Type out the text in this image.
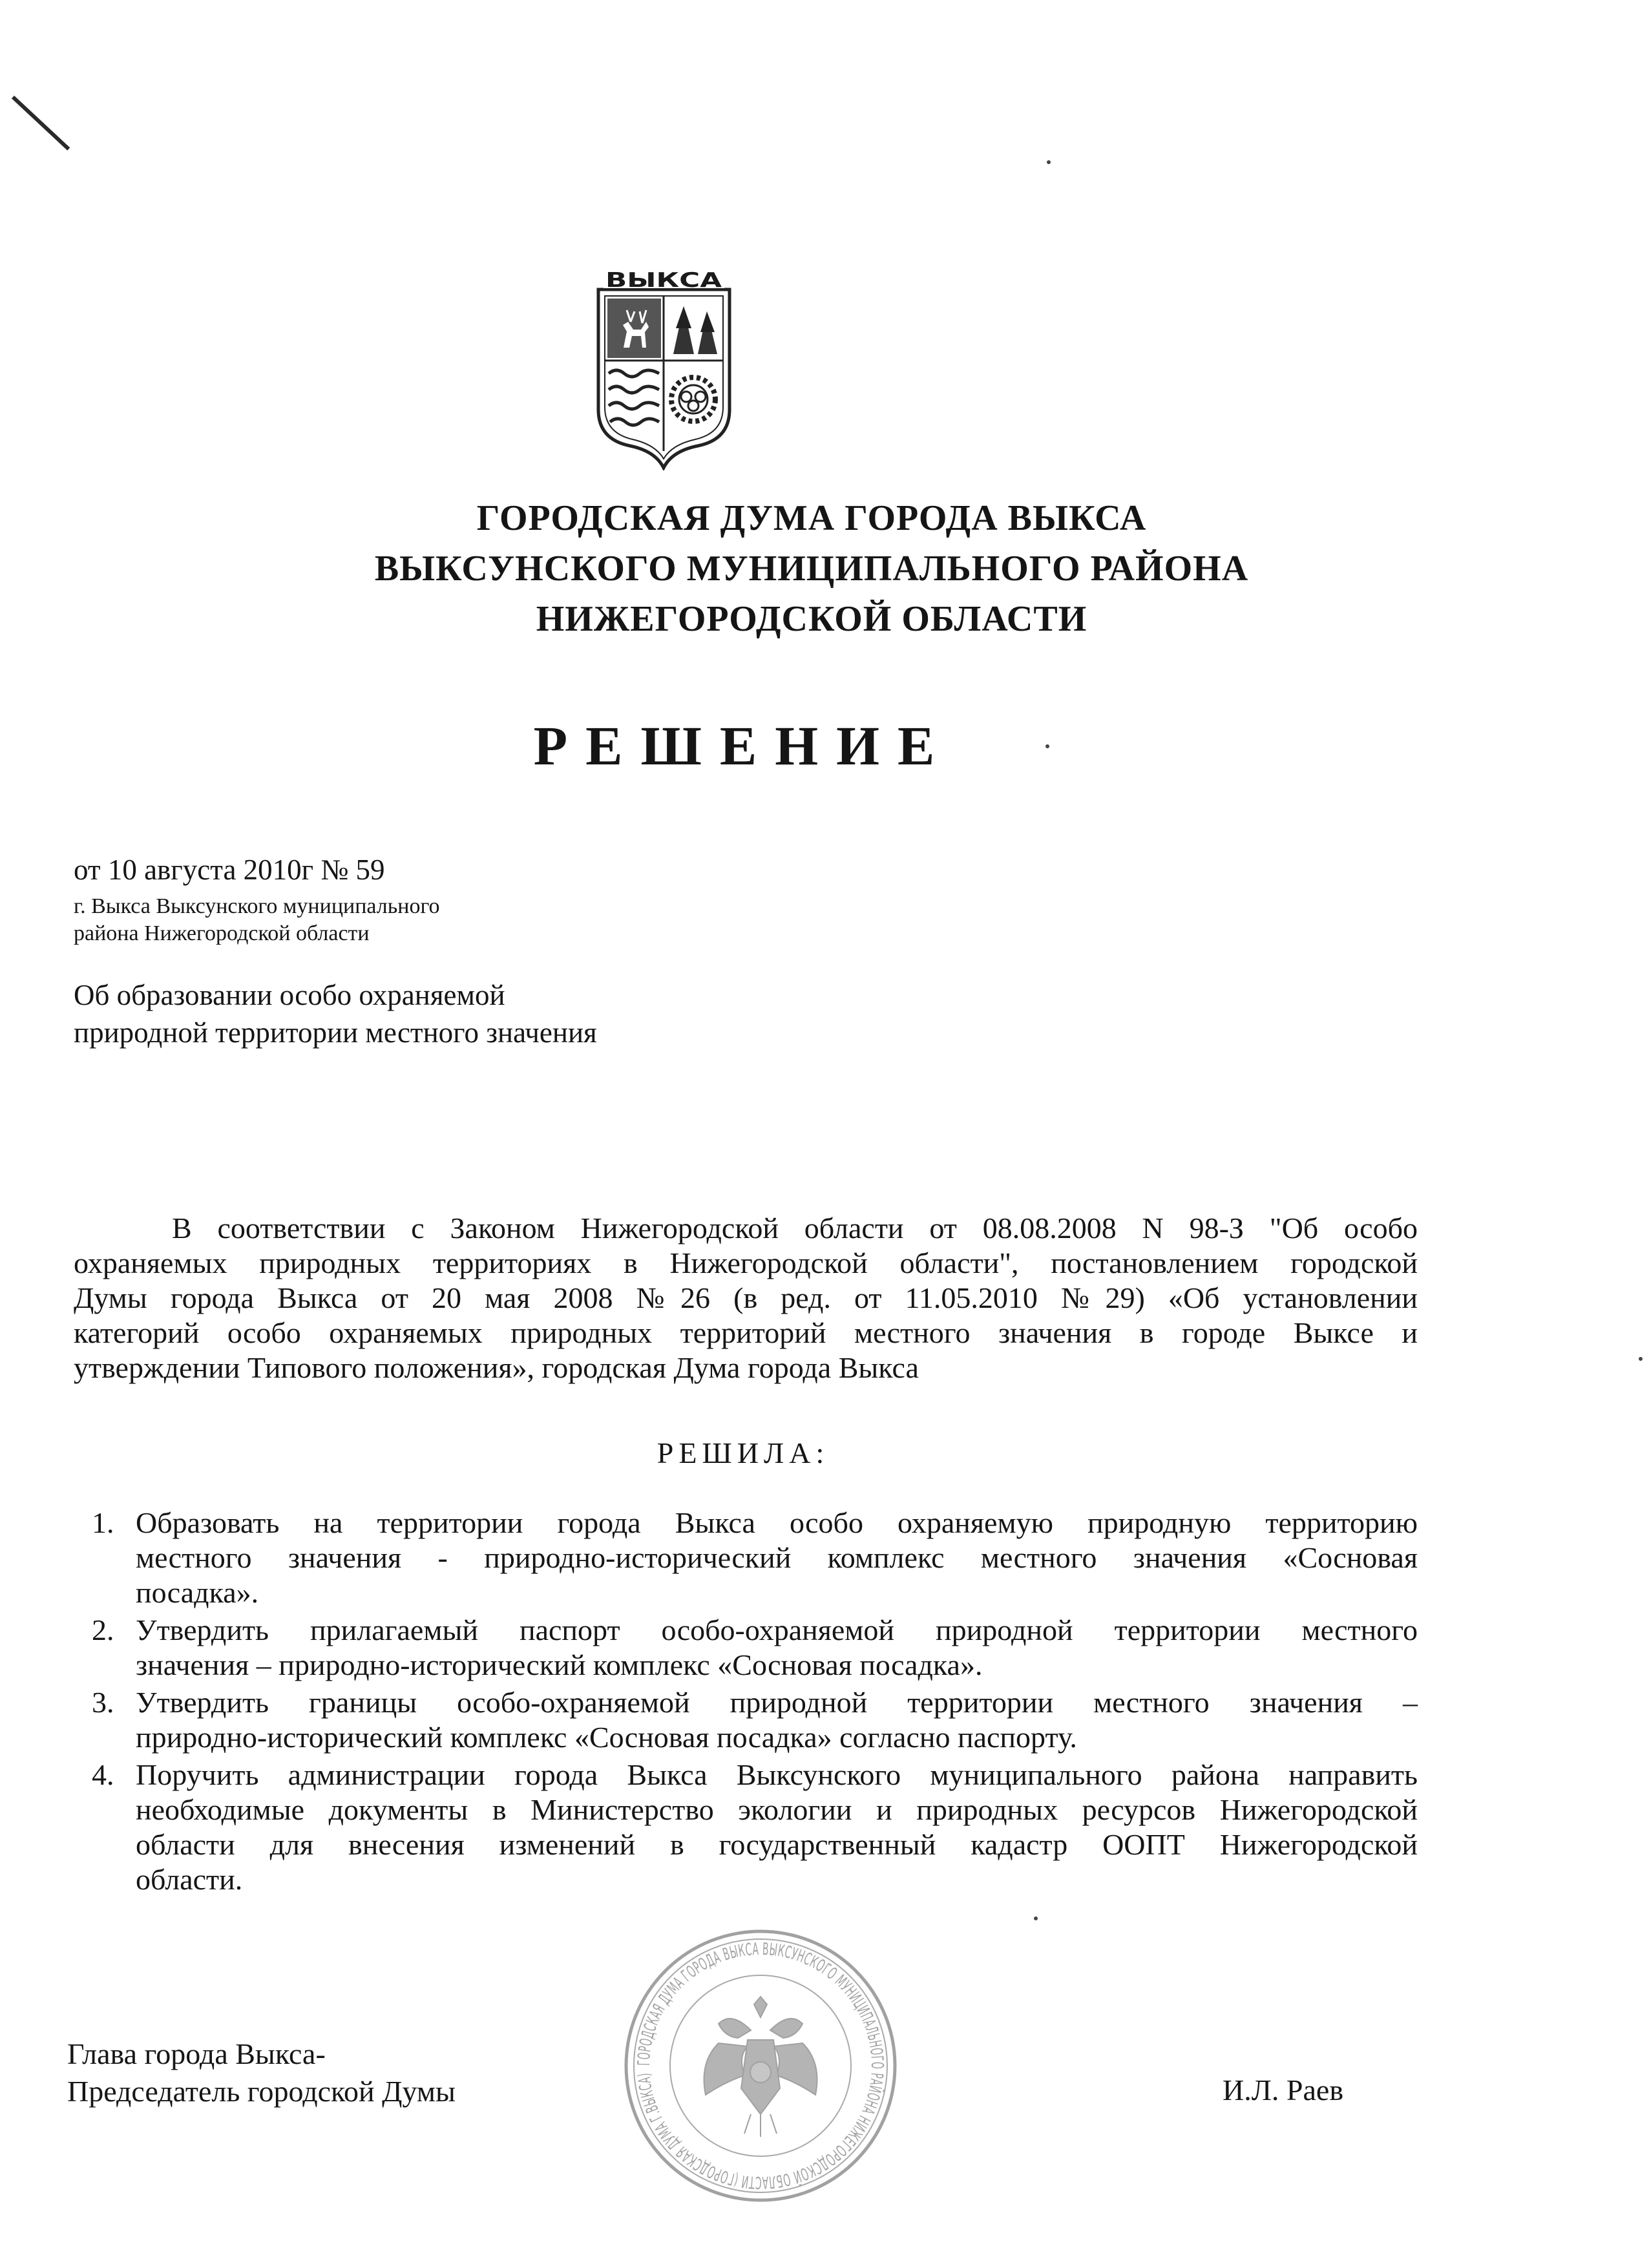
ВЫКСА
ГОРОДСКАЯ ДУМА ГОРОДА ВЫКСА
ВЫКСУНСКОГО МУНИЦИПАЛЬНОГО РАЙОНА
НИЖЕГОРОДСКОЙ ОБЛАСТИ
РЕШЕНИЕ
от 10 августа 2010г № 59
г. Выкса Выксунского муниципального
района Нижегородской области
Об образовании особо охраняемой
природной территории местного значения
В соответствии с Законом Нижегородской области от 08.08.2008 N 98-З "Об особо
охраняемых природных территориях в Нижегородской области", постановлением городской
Думы города Выкса от 20 мая 2008 №26 (в ред. от 11.05.2010 №29) «Об установлении
категорий особо охраняемых природных территорий местного значения в городе Выксе и
утверждении Типового положения», городская Дума города Выкса
РЕШИЛА:
1. Образовать на территории города Выкса особо охраняемую природную территорию
местного значения - природно-исторический комплекс местного значения «Сосновая
посадка».
2. Утвердить прилагаемый паспорт особо-охраняемой природной территории местного
значения – природно-исторический комплекс «Сосновая посадка».
3. Утвердить границы особо-охраняемой природной территории местного значения –
природно-исторический комплекс «Сосновая посадка» согласно паспорту.
4. Поручить администрации города Выкса Выксунского муниципального района направить
необходимые документы в Министерство экологии и природных ресурсов Нижегородской
области для внесения изменений в государственный кадастр ООПТ Нижегородской
области.
ГОРОДСКАЯ ДУМА ГОРОДА ВЫКСА ВЫКСУНСКОГО МУНИЦИПАЛЬНОГО РАЙОНА НИЖЕГОРОДСКОЙ ОБЛАСТИ (ГОРОДСКАЯ ДУМА Г.ВЫКСА)
Глава города Выкса-
Председатель городской Думы	И.Л. Раев
